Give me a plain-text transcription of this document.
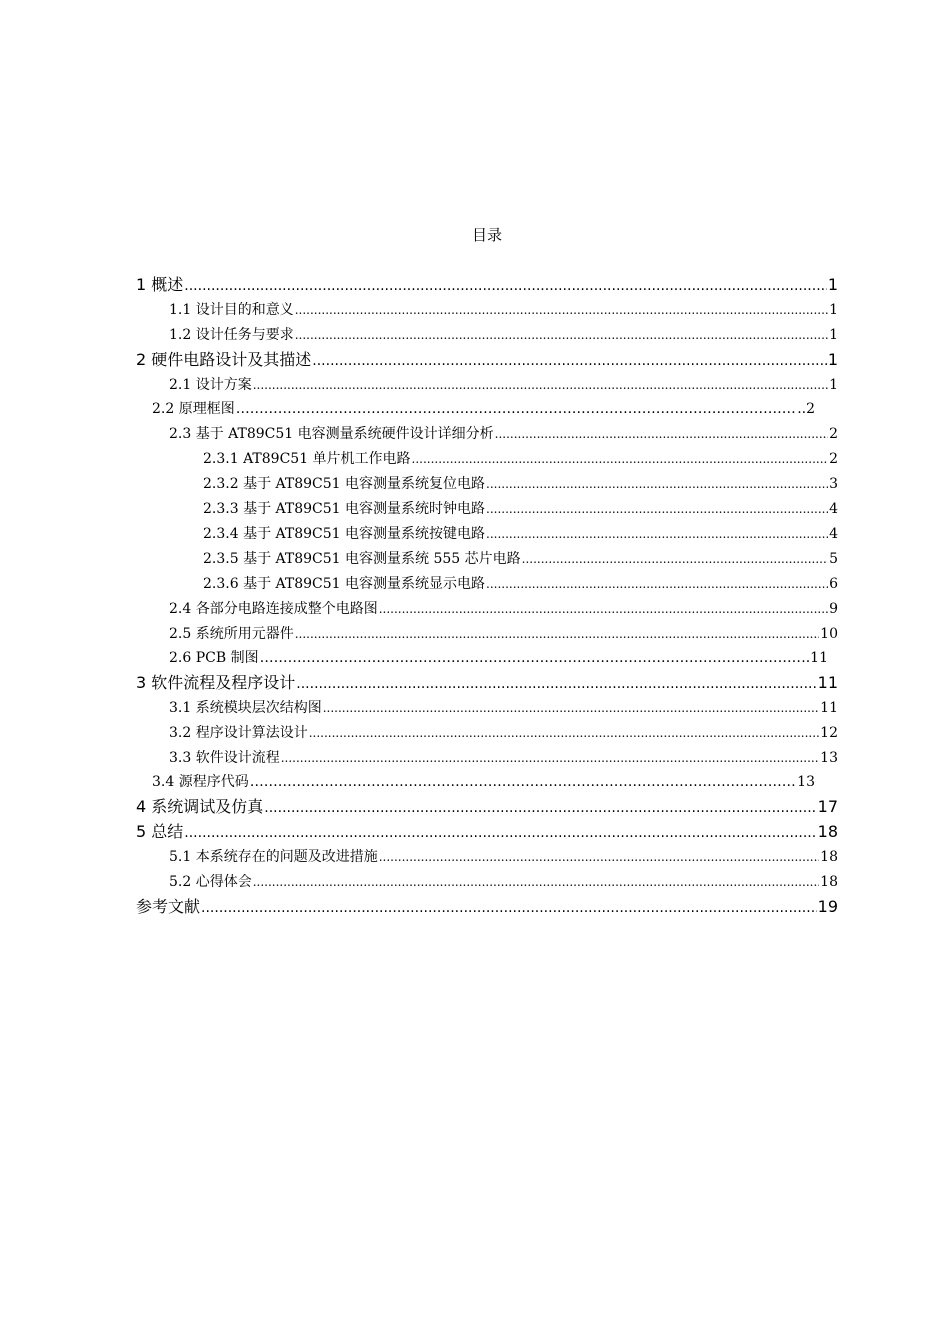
目录
1 概述 .....	1
1.1 设计目的和意义 .....	1
1.2 设计任务与要求 .....	1
2 硬件电路设计及其描述 .....	1
2.1 设计方案 .....	1
2.2 原理框图 …………………………………………………………………………………………………………………………………………………………………………………………………	..2
2.3 基于 AT89C51 电容测量系统硬件设计详细分析 .....	2
2.3.1 AT89C51 单片机工作电路 .....	2
2.3.2 基于 AT89C51 电容测量系统复位电路 .....	3
2.3.3 基于 AT89C51 电容测量系统时钟电路 .....	4
2.3.4 基于 AT89C51 电容测量系统按键电路 .....	4
2.3.5 基于 AT89C51 电容测量系统 555 芯片电路 .....	5
2.3.6 基于 AT89C51 电容测量系统显示电路 .....	6
2.4 各部分电路连接成整个电路图 .....	9
2.5 系统所用元器件 .....	10
2.6 PCB 制图 …………………………………………………………………………………………………………………………………………………………………………………………………	..11
3 软件流程及程序设计 .....	11
3.1 系统模块层次结构图 .....	11
3.2 程序设计算法设计 .....	12
3.3 软件设计流程 .....	13
3.4 源程序代码 …………………………………………………………………………………………………………………………………………………………………………………………………	13
4 系统调试及仿真 .....	17
5 总结 .....	18
5.1 本系统存在的问题及改进措施 .....	18
5.2 心得体会 .....	18
参考文献 .....	19
